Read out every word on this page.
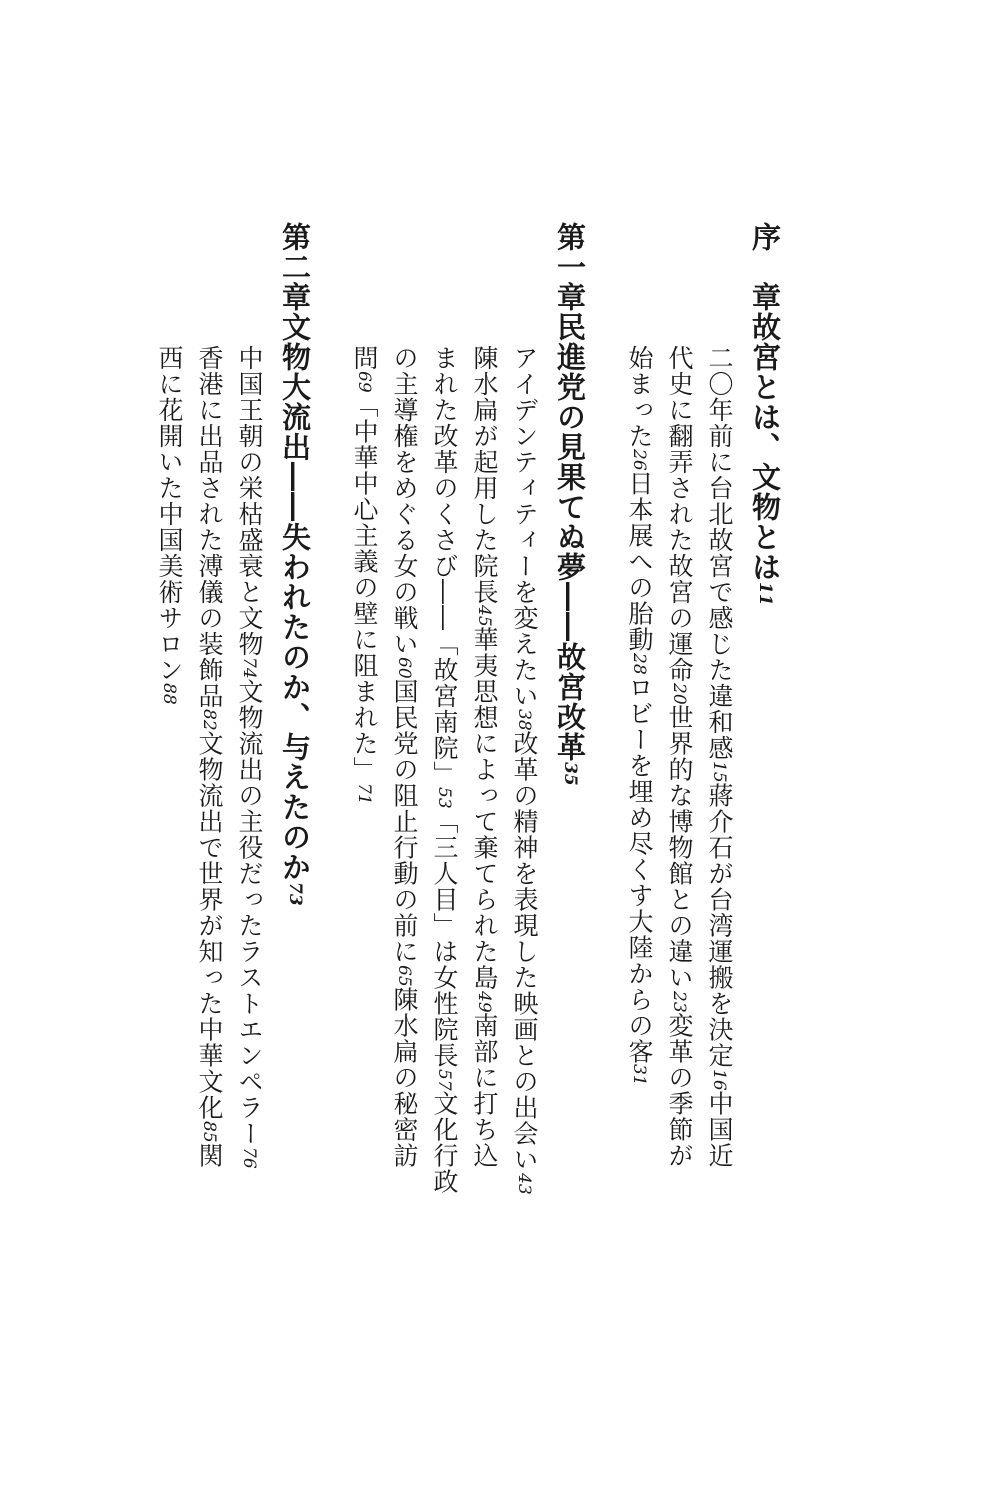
序　章故宮とは、文物とは11
二〇年前に台北故宮で感じた違和感15蔣介石が台湾運搬を決定16中国近
代史に翻弄された故宮の運命20世界的な博物館との違い23変革の季節が
始まった26日本展への胎動28ロビーを埋め尽くす大陸からの客31
第一章民進党の見果てぬ夢――故宮改革35
アイデンティティーを変えたい38改革の精神を表現した映画との出会い43
陳水扁が起用した院長45華夷思想によって棄てられた島49南部に打ち込
まれた改革のくさび――「故宮南院」53「三人目」は女性院長57文化行政
の主導権をめぐる女の戦い60国民党の阻止行動の前に65陳水扁の秘密訪
問69「中華中心主義の壁に阻まれた」71
第二章文物大流出――失われたのか、与えたのか73
中国王朝の栄枯盛衰と文物74文物流出の主役だったラストエンペラー76
香港に出品された溥儀の装飾品82文物流出で世界が知った中華文化85関
西に花開いた中国美術サロン88
